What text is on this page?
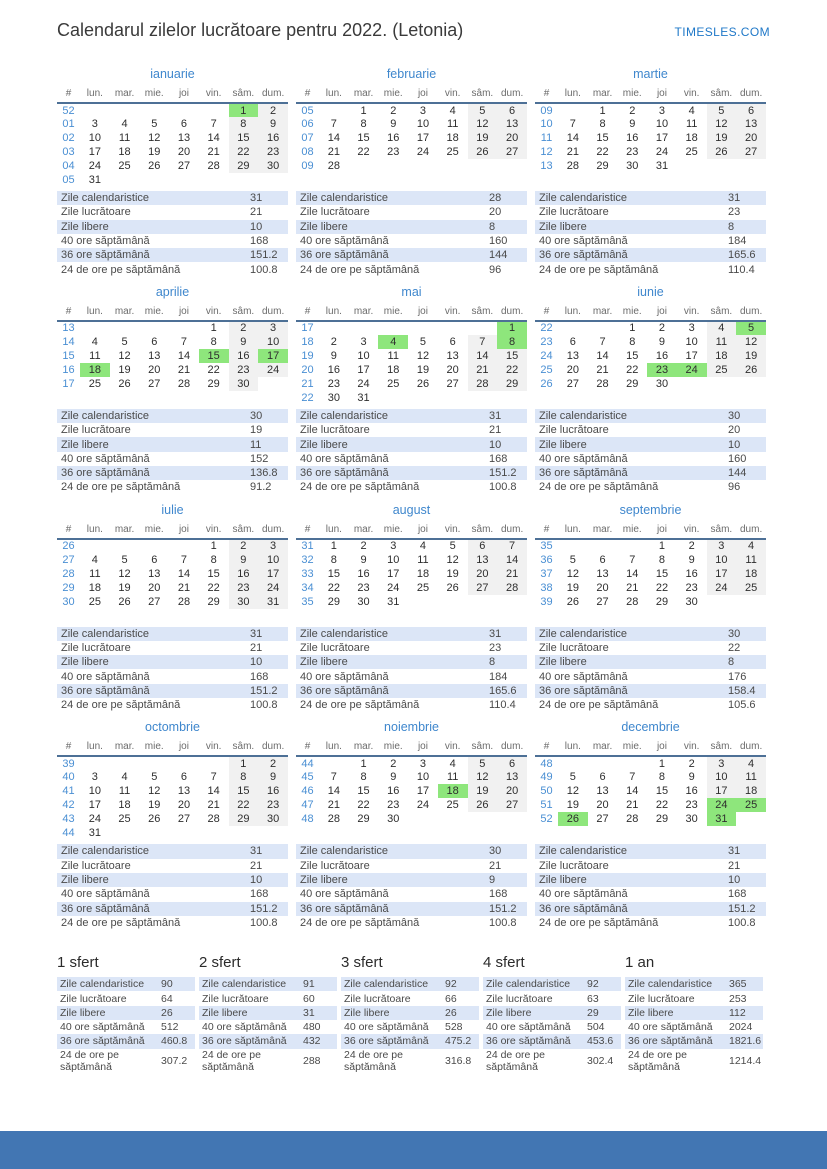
Calendarul zilelor lucrătoare pentru 2022. (Letonia)	TIMESLES.COM
ianuarie
#	lun.	mar.	mie.	joi	vin.	sâm.	dum.
52						1	2
01	3	4	5	6	7	8	9
02	10	11	12	13	14	15	16
03	17	18	19	20	21	22	23
04	24	25	26	27	28	29	30
05	31						
Zile calendaristice	31
Zile lucrătoare	21
Zile libere	10
40 ore săptămână	168
36 ore săptămână	151.2
24 de ore pe săptămână	100.8
februarie
#	lun.	mar.	mie.	joi	vin.	sâm.	dum.
05		1	2	3	4	5	6
06	7	8	9	10	11	12	13
07	14	15	16	17	18	19	20
08	21	22	23	24	25	26	27
09	28						
Zile calendaristice	28
Zile lucrătoare	20
Zile libere	8
40 ore săptămână	160
36 ore săptămână	144
24 de ore pe săptămână	96
martie
#	lun.	mar.	mie.	joi	vin.	sâm.	dum.
09		1	2	3	4	5	6
10	7	8	9	10	11	12	13
11	14	15	16	17	18	19	20
12	21	22	23	24	25	26	27
13	28	29	30	31			
Zile calendaristice	31
Zile lucrătoare	23
Zile libere	8
40 ore săptămână	184
36 ore săptămână	165.6
24 de ore pe săptămână	110.4
aprilie
#	lun.	mar.	mie.	joi	vin.	sâm.	dum.
13					1	2	3
14	4	5	6	7	8	9	10
15	11	12	13	14	15	16	17
16	18	19	20	21	22	23	24
17	25	26	27	28	29	30	
Zile calendaristice	30
Zile lucrătoare	19
Zile libere	11
40 ore săptămână	152
36 ore săptămână	136.8
24 de ore pe săptămână	91.2
mai
#	lun.	mar.	mie.	joi	vin.	sâm.	dum.
17							1
18	2	3	4	5	6	7	8
19	9	10	11	12	13	14	15
20	16	17	18	19	20	21	22
21	23	24	25	26	27	28	29
22	30	31					
Zile calendaristice	31
Zile lucrătoare	21
Zile libere	10
40 ore săptămână	168
36 ore săptămână	151.2
24 de ore pe săptămână	100.8
iunie
#	lun.	mar.	mie.	joi	vin.	sâm.	dum.
22			1	2	3	4	5
23	6	7	8	9	10	11	12
24	13	14	15	16	17	18	19
25	20	21	22	23	24	25	26
26	27	28	29	30			
Zile calendaristice	30
Zile lucrătoare	20
Zile libere	10
40 ore săptămână	160
36 ore săptămână	144
24 de ore pe săptămână	96
iulie
#	lun.	mar.	mie.	joi	vin.	sâm.	dum.
26					1	2	3
27	4	5	6	7	8	9	10
28	11	12	13	14	15	16	17
29	18	19	20	21	22	23	24
30	25	26	27	28	29	30	31
Zile calendaristice	31
Zile lucrătoare	21
Zile libere	10
40 ore săptămână	168
36 ore săptămână	151.2
24 de ore pe săptămână	100.8
august
#	lun.	mar.	mie.	joi	vin.	sâm.	dum.
31	1	2	3	4	5	6	7
32	8	9	10	11	12	13	14
33	15	16	17	18	19	20	21
34	22	23	24	25	26	27	28
35	29	30	31				
Zile calendaristice	31
Zile lucrătoare	23
Zile libere	8
40 ore săptămână	184
36 ore săptămână	165.6
24 de ore pe săptămână	110.4
septembrie
#	lun.	mar.	mie.	joi	vin.	sâm.	dum.
35				1	2	3	4
36	5	6	7	8	9	10	11
37	12	13	14	15	16	17	18
38	19	20	21	22	23	24	25
39	26	27	28	29	30		
Zile calendaristice	30
Zile lucrătoare	22
Zile libere	8
40 ore săptămână	176
36 ore săptămână	158.4
24 de ore pe săptămână	105.6
octombrie
#	lun.	mar.	mie.	joi	vin.	sâm.	dum.
39						1	2
40	3	4	5	6	7	8	9
41	10	11	12	13	14	15	16
42	17	18	19	20	21	22	23
43	24	25	26	27	28	29	30
44	31						
Zile calendaristice	31
Zile lucrătoare	21
Zile libere	10
40 ore săptămână	168
36 ore săptămână	151.2
24 de ore pe săptămână	100.8
noiembrie
#	lun.	mar.	mie.	joi	vin.	sâm.	dum.
44		1	2	3	4	5	6
45	7	8	9	10	11	12	13
46	14	15	16	17	18	19	20
47	21	22	23	24	25	26	27
48	28	29	30				
Zile calendaristice	30
Zile lucrătoare	21
Zile libere	9
40 ore săptămână	168
36 ore săptămână	151.2
24 de ore pe săptămână	100.8
decembrie
#	lun.	mar.	mie.	joi	vin.	sâm.	dum.
48				1	2	3	4
49	5	6	7	8	9	10	11
50	12	13	14	15	16	17	18
51	19	20	21	22	23	24	25
52	26	27	28	29	30	31	
Zile calendaristice	31
Zile lucrătoare	21
Zile libere	10
40 ore săptămână	168
36 ore săptămână	151.2
24 de ore pe săptămână	100.8
1 sfert
Zile calendaristice	90
Zile lucrătoare	64
Zile libere	26
40 ore săptămână	512
36 ore săptămână	460.8
24 de ore pe săptămână	307.2
2 sfert
Zile calendaristice	91
Zile lucrătoare	60
Zile libere	31
40 ore săptămână	480
36 ore săptămână	432
24 de ore pe săptămână	288
3 sfert
Zile calendaristice	92
Zile lucrătoare	66
Zile libere	26
40 ore săptămână	528
36 ore săptămână	475.2
24 de ore pe săptămână	316.8
4 sfert
Zile calendaristice	92
Zile lucrătoare	63
Zile libere	29
40 ore săptămână	504
36 ore săptămână	453.6
24 de ore pe săptămână	302.4
1 an
Zile calendaristice	365
Zile lucrătoare	253
Zile libere	112
40 ore săptămână	2024
36 ore săptămână	1821.6
24 de ore pe săptămână	1214.4
